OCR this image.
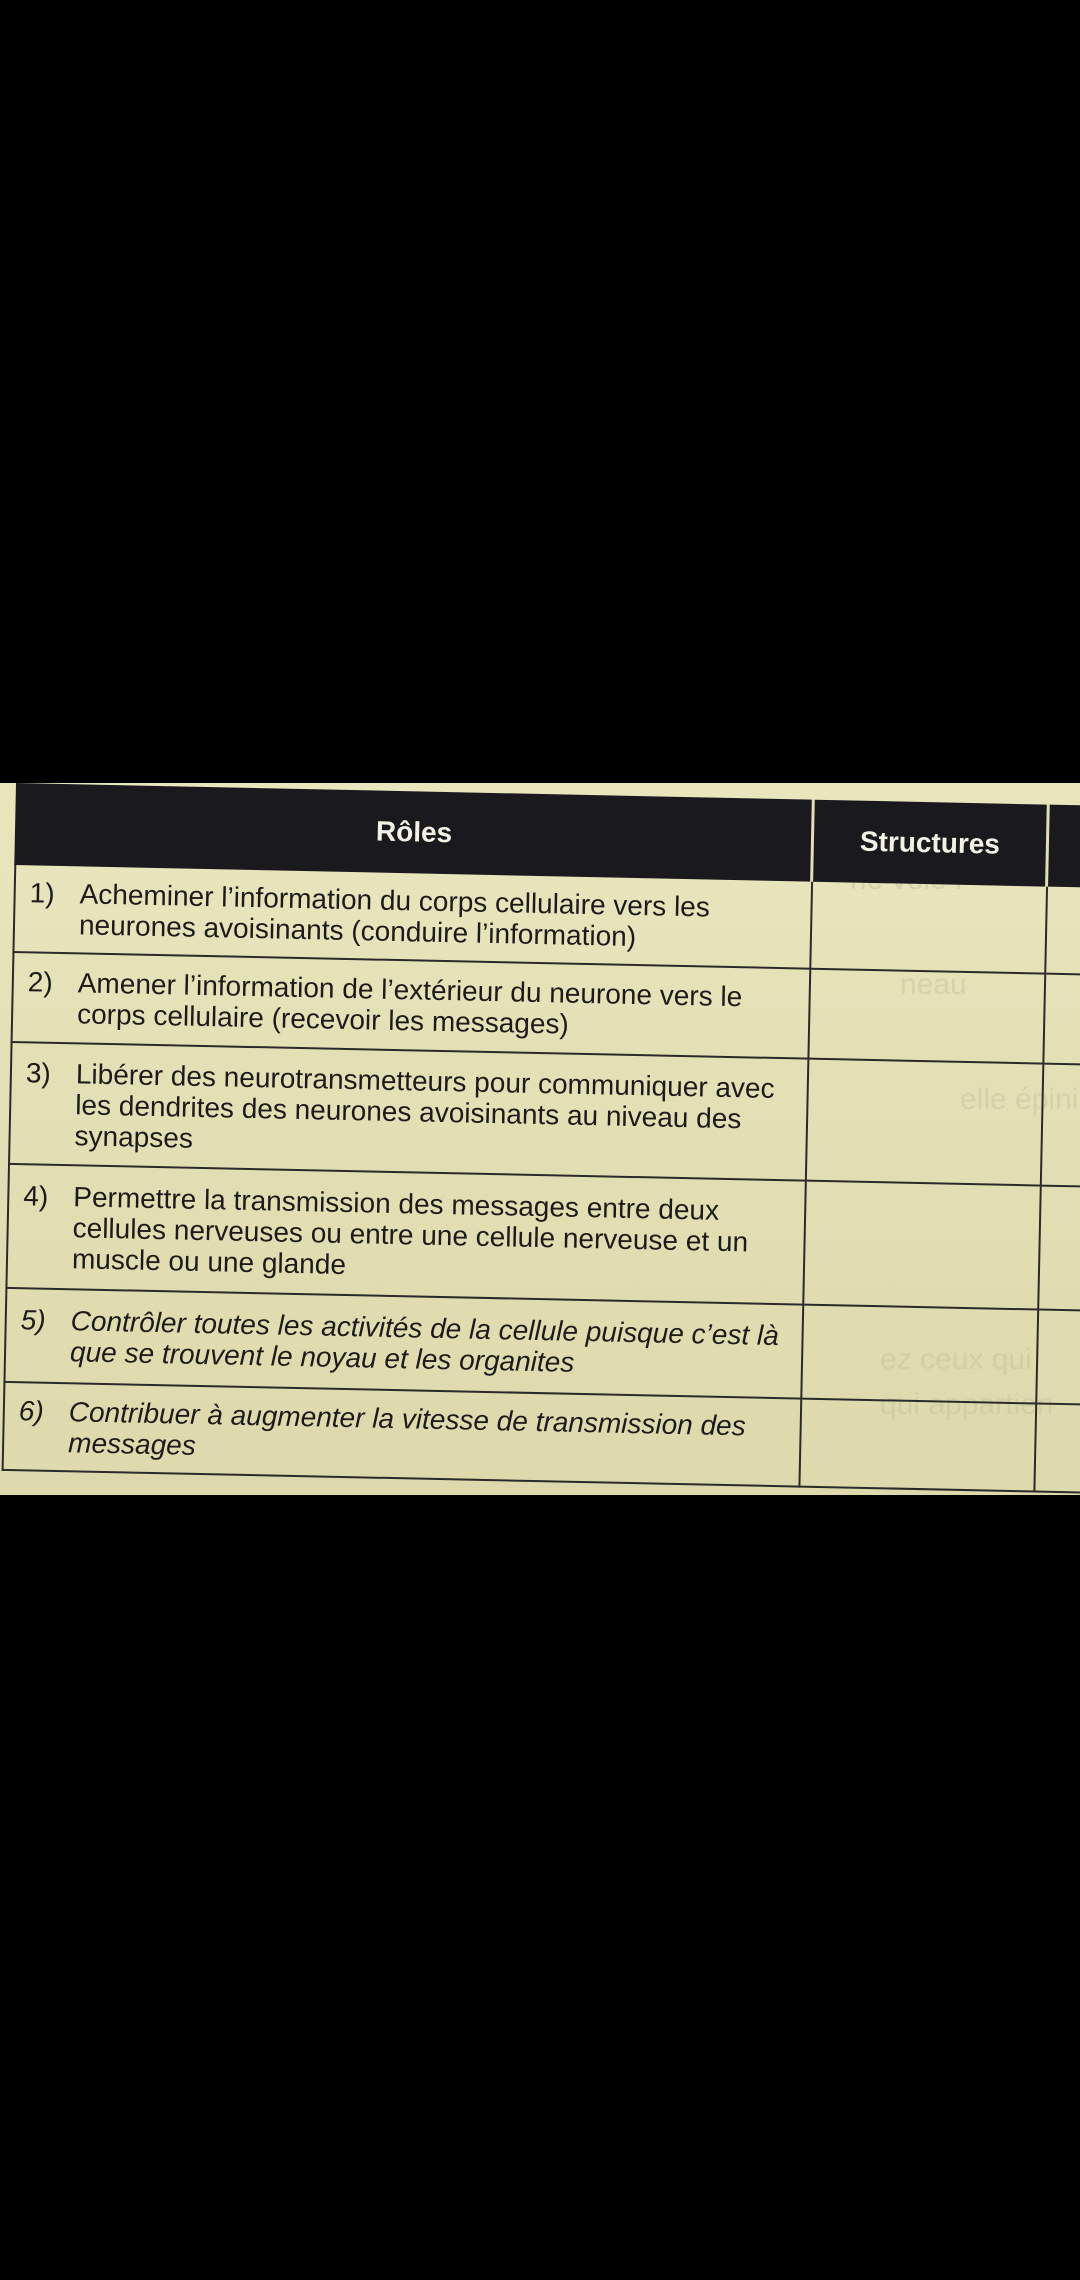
neau
elle épini
ez ceux qui
qui appartien
Rôles	Structures	

1) Acheminer l’information du corps cellulaire vers les neurones avoisinants (conduire l’information)		

2) Amener l’information de l’extérieur du neurone vers le corps cellulaire (recevoir les messages)		

3) Libérer des neurotransmetteurs pour communiquer avec les dendrites des neurones avoisinants au niveau des synapses		

4) Permettre la transmission des messages entre deux cellules nerveuses ou entre une cellule nerveuse et un muscle ou une glande		

5) Contrôler toutes les activités de la cellule puisque c’est là que se trouvent le noyau et les organites		

6) Contribuer à augmenter la vitesse de transmission des messages		
